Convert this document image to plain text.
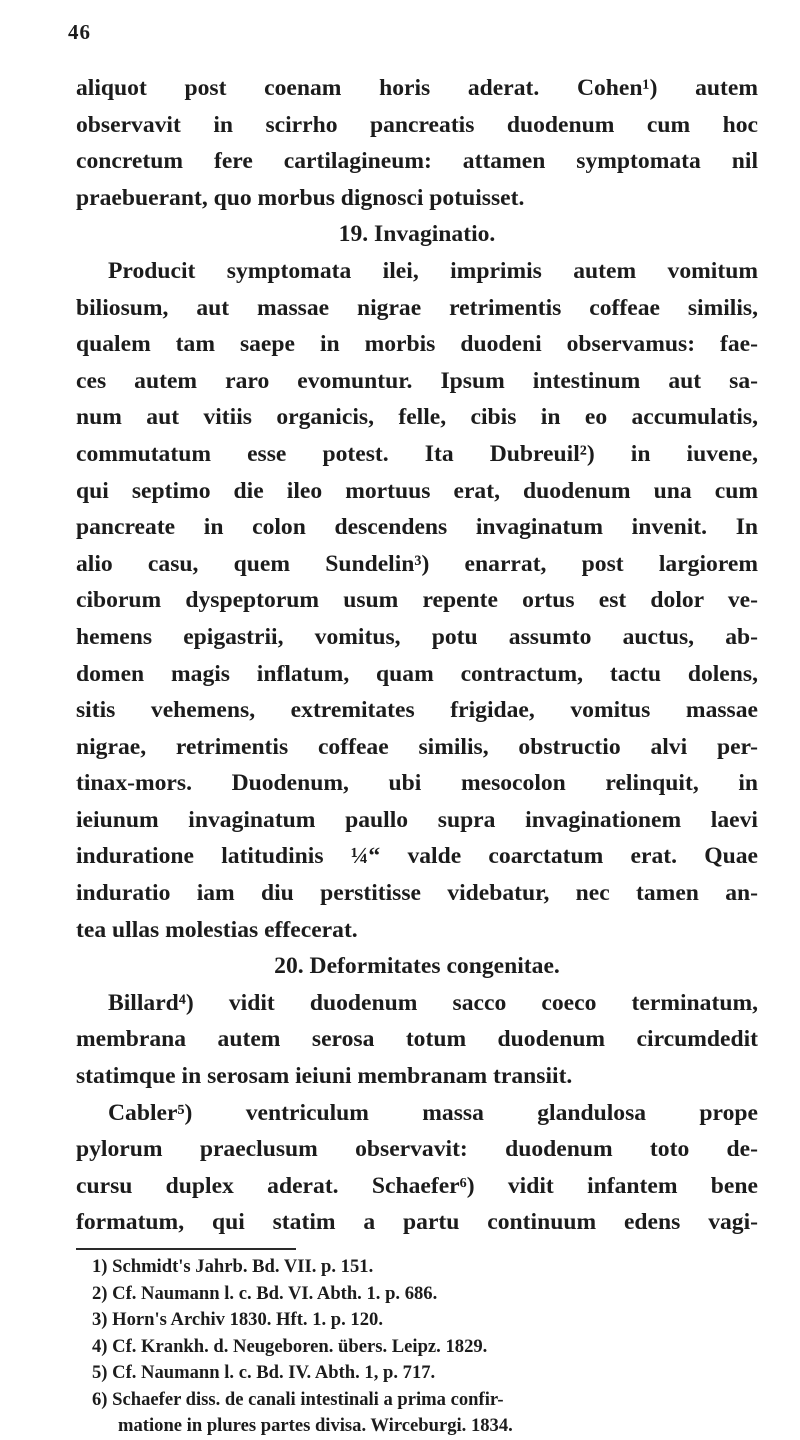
46
aliquot post coenam horis aderat. Cohen¹) autem
observavit in scirrho pancreatis duodenum cum hoc
concretum fere cartilagineum: attamen symptomata nil
praebuerant, quo morbus dignosci potuisset.
19. Invaginatio.
Producit symptomata ilei, imprimis autem vomitum
biliosum, aut massae nigrae retrimentis coffeae similis,
qualem tam saepe in morbis duodeni observamus: fae-
ces autem raro evomuntur. Ipsum intestinum aut sa-
num aut vitiis organicis, felle, cibis in eo accumulatis,
commutatum esse potest. Ita Dubreuil²) in iuvene,
qui septimo die ileo mortuus erat, duodenum una cum
pancreate in colon descendens invaginatum invenit. In
alio casu, quem Sundelin³) enarrat, post largiorem
ciborum dyspeptorum usum repente ortus est dolor ve-
hemens epigastrii, vomitus, potu assumto auctus, ab-
domen magis inflatum, quam contractum, tactu dolens,
sitis vehemens, extremitates frigidae, vomitus massae
nigrae, retrimentis coffeae similis, obstructio alvi per-
tinax-mors. Duodenum, ubi mesocolon relinquit, in
ieiunum invaginatum paullo supra invaginationem laevi
induratione latitudinis ¼“ valde coarctatum erat. Quae
induratio iam diu perstitisse videbatur, nec tamen an-
tea ullas molestias effecerat.
20. Deformitates congenitae.
Billard⁴) vidit duodenum sacco coeco terminatum,
membrana autem serosa totum duodenum circumdedit
statimque in serosam ieiuni membranam transiit.
Cabler⁵) ventriculum massa glandulosa prope
pylorum praeclusum observavit: duodenum toto de-
cursu duplex aderat. Schaefer⁶) vidit infantem bene
formatum, qui statim a partu continuum edens vagi-
1) Schmidt's Jahrb. Bd. VII. p. 151.
2) Cf. Naumann l. c. Bd. VI. Abth. 1. p. 686.
3) Horn's Archiv 1830. Hft. 1. p. 120.
4) Cf. Krankh. d. Neugeboren. übers. Leipz. 1829.
5) Cf. Naumann l. c. Bd. IV. Abth. 1, p. 717.
6) Schaefer diss. de canali intestinali a prima confir-
matione in plures partes divisa. Wirceburgi. 1834.
